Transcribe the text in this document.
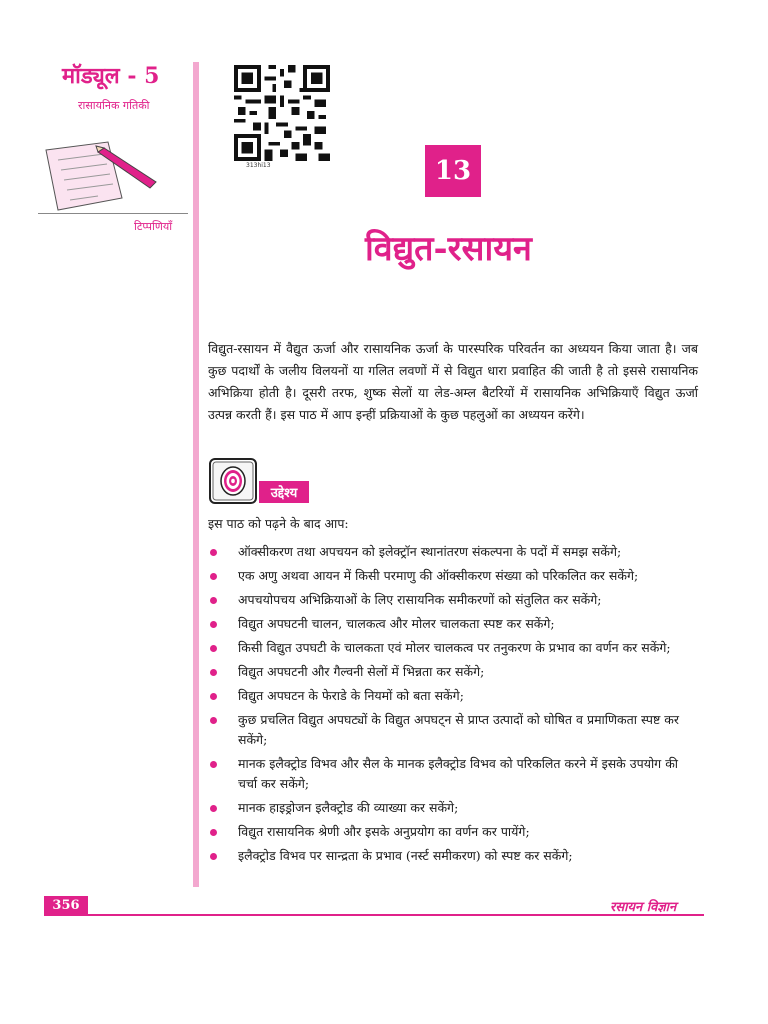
मॉड्यूल - 5
रासायनिक गतिकी
टिप्पणियाँ
313hi13	13
विद्युत-रसायन

विद्युत-रसायन में वैद्युत ऊर्जा और रासायनिक ऊर्जा के पारस्परिक परिवर्तन का अध्ययन किया जाता है। जब कुछ पदार्थों के जलीय विलयनों या गलित लवणों में से विद्युत धारा प्रवाहित की जाती है तो इससे रासायनिक अभिक्रिया होती है। दूसरी तरफ, शुष्क सेलों या लेड-अम्ल बैटरियों में रासायनिक अभिक्रियाएँ विद्युत ऊर्जा उत्पन्न करती हैं। इस पाठ में आप इन्हीं प्रक्रियाओं के कुछ पहलुओं का अध्ययन करेंगे।

उद्देश्य
इस पाठ को पढ़ने के बाद आप:
ऑक्सीकरण तथा अपचयन को इलेक्ट्रॉन स्थानांतरण संकल्पना के पदों में समझ सकेंगे;
एक अणु अथवा आयन में किसी परमाणु की ऑक्सीकरण संख्या को परिकलित कर सकेंगे;
अपचयोपचय अभिक्रियाओं के लिए रासायनिक समीकरणों को संतुलित कर सकेंगे;
विद्युत अपघटनी चालन, चालकत्व और मोलर चालकता स्पष्ट कर सकेंगे;
किसी विद्युत उपघटी के चालकता एवं मोलर चालकत्व पर तनुकरण के प्रभाव का वर्णन कर सकेंगे;
विद्युत अपघटनी और गैल्वनी सेलों में भिन्नता कर सकेंगे;
विद्युत अपघटन के फेराडे के नियमों को बता सकेंगे;
कुछ प्रचलित विद्युत अपघट्यों के विद्युत अपघट्न से प्राप्त उत्पादों को घोषित व प्रमाणिकता स्पष्ट कर सकेंगे;
मानक इलैक्ट्रोड विभव और सैल के मानक इलैक्ट्रोड विभव को परिकलित करने में इसके उपयोग की चर्चा कर सकेंगे;
मानक हाइड्रोजन इलैक्ट्रोड की व्याख्या कर सकेंगे;
विद्युत रासायनिक श्रेणी और इसके अनुप्रयोग का वर्णन कर पायेंगे;
इलैक्ट्रोड विभव पर सान्द्रता के प्रभाव (नर्स्ट समीकरण) को स्पष्ट कर सकेंगे;
356	रसायन विज्ञान
